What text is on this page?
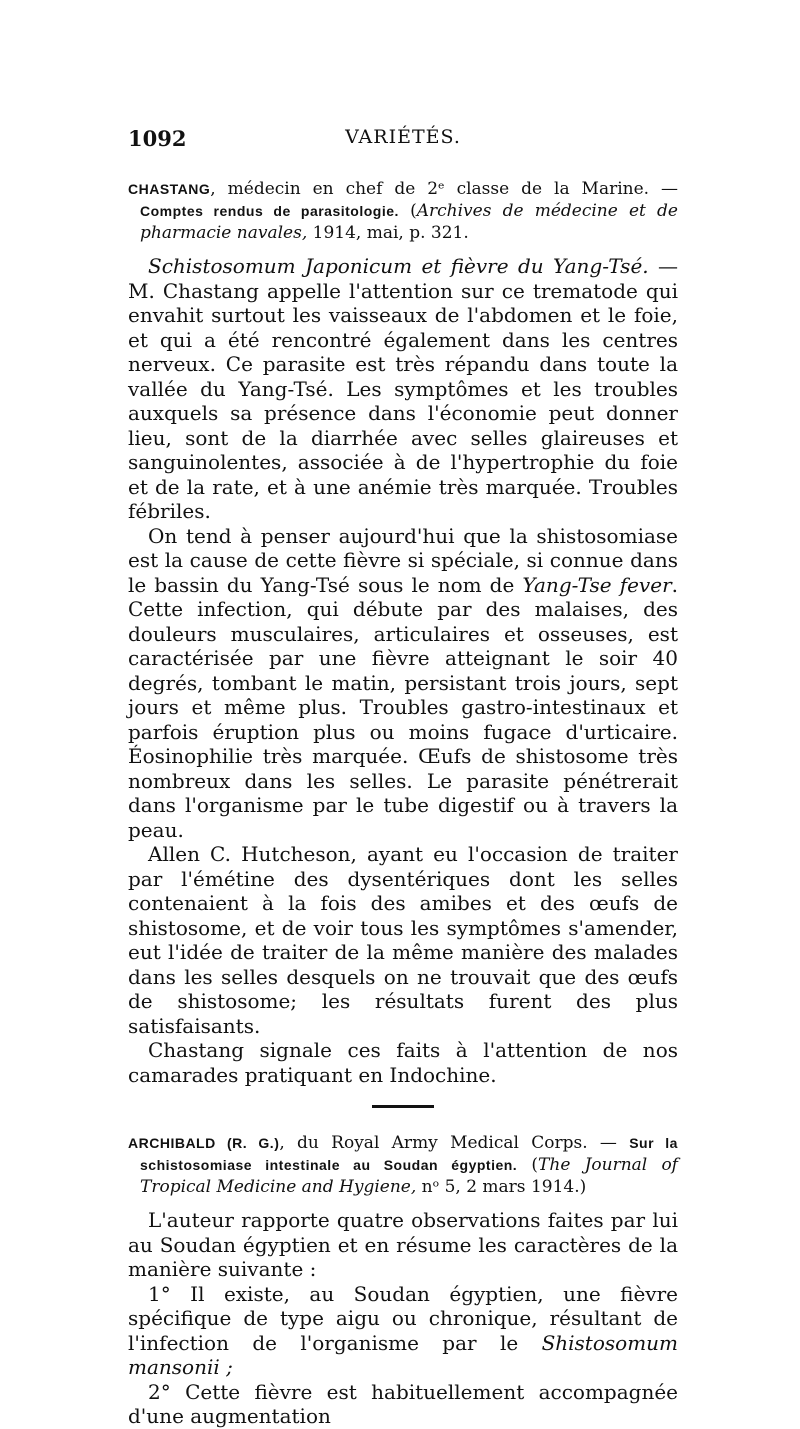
1092	VARIÉTÉS.
CHASTANG, médecin en chef de 2ᵉ classe de la Marine. — Comptes rendus de parasitologie. (Archives de médecine et de pharmacie navales, 1914, mai, p. 321.

Schistosomum Japonicum et fièvre du Yang-Tsé. — M. Chastang appelle l'attention sur ce trematode qui envahit surtout les vaisseaux de l'abdomen et le foie, et qui a été rencontré également dans les centres nerveux. Ce parasite est très répandu dans toute la vallée du Yang-Tsé. Les symptômes et les troubles auxquels sa présence dans l'économie peut donner lieu, sont de la diarrhée avec selles glaireuses et sanguinolentes, associée à de l'hypertrophie du foie et de la rate, et à une anémie très marquée. Troubles fébriles.

On tend à penser aujourd'hui que la shistosomiase est la cause de cette fièvre si spéciale, si connue dans le bassin du Yang-Tsé sous le nom de Yang-Tse fever. Cette infection, qui débute par des malaises, des douleurs musculaires, articulaires et osseuses, est caractérisée par une fièvre atteignant le soir 40 degrés, tombant le matin, persistant trois jours, sept jours et même plus. Troubles gastro-intestinaux et parfois éruption plus ou moins fugace d'urticaire. Éosinophilie très marquée. Œufs de shistosome très nombreux dans les selles. Le parasite pénétrerait dans l'organisme par le tube digestif ou à travers la peau.

Allen C. Hutcheson, ayant eu l'occasion de traiter par l'émétine des dysentériques dont les selles contenaient à la fois des amibes et des œufs de shistosome, et de voir tous les symptômes s'amender, eut l'idée de traiter de la même manière des malades dans les selles desquels on ne trouvait que des œufs de shistosome; les résultats furent des plus satisfaisants.

Chastang signale ces faits à l'attention de nos camarades pratiquant en Indochine.

ARCHIBALD (R. G.), du Royal Army Medical Corps. — Sur la schistosomiase intestinale au Soudan égyptien. (The Journal of Tropical Medicine and Hygiene, nᵒ 5, 2 mars 1914.)

L'auteur rapporte quatre observations faites par lui au Soudan égyptien et en résume les caractères de la manière suivante :

1° Il existe, au Soudan égyptien, une fièvre spécifique de type aigu ou chronique, résultant de l'infection de l'organisme par le Shistosomum mansonii ;

2° Cette fièvre est habituellement accompagnée d'une augmentation
